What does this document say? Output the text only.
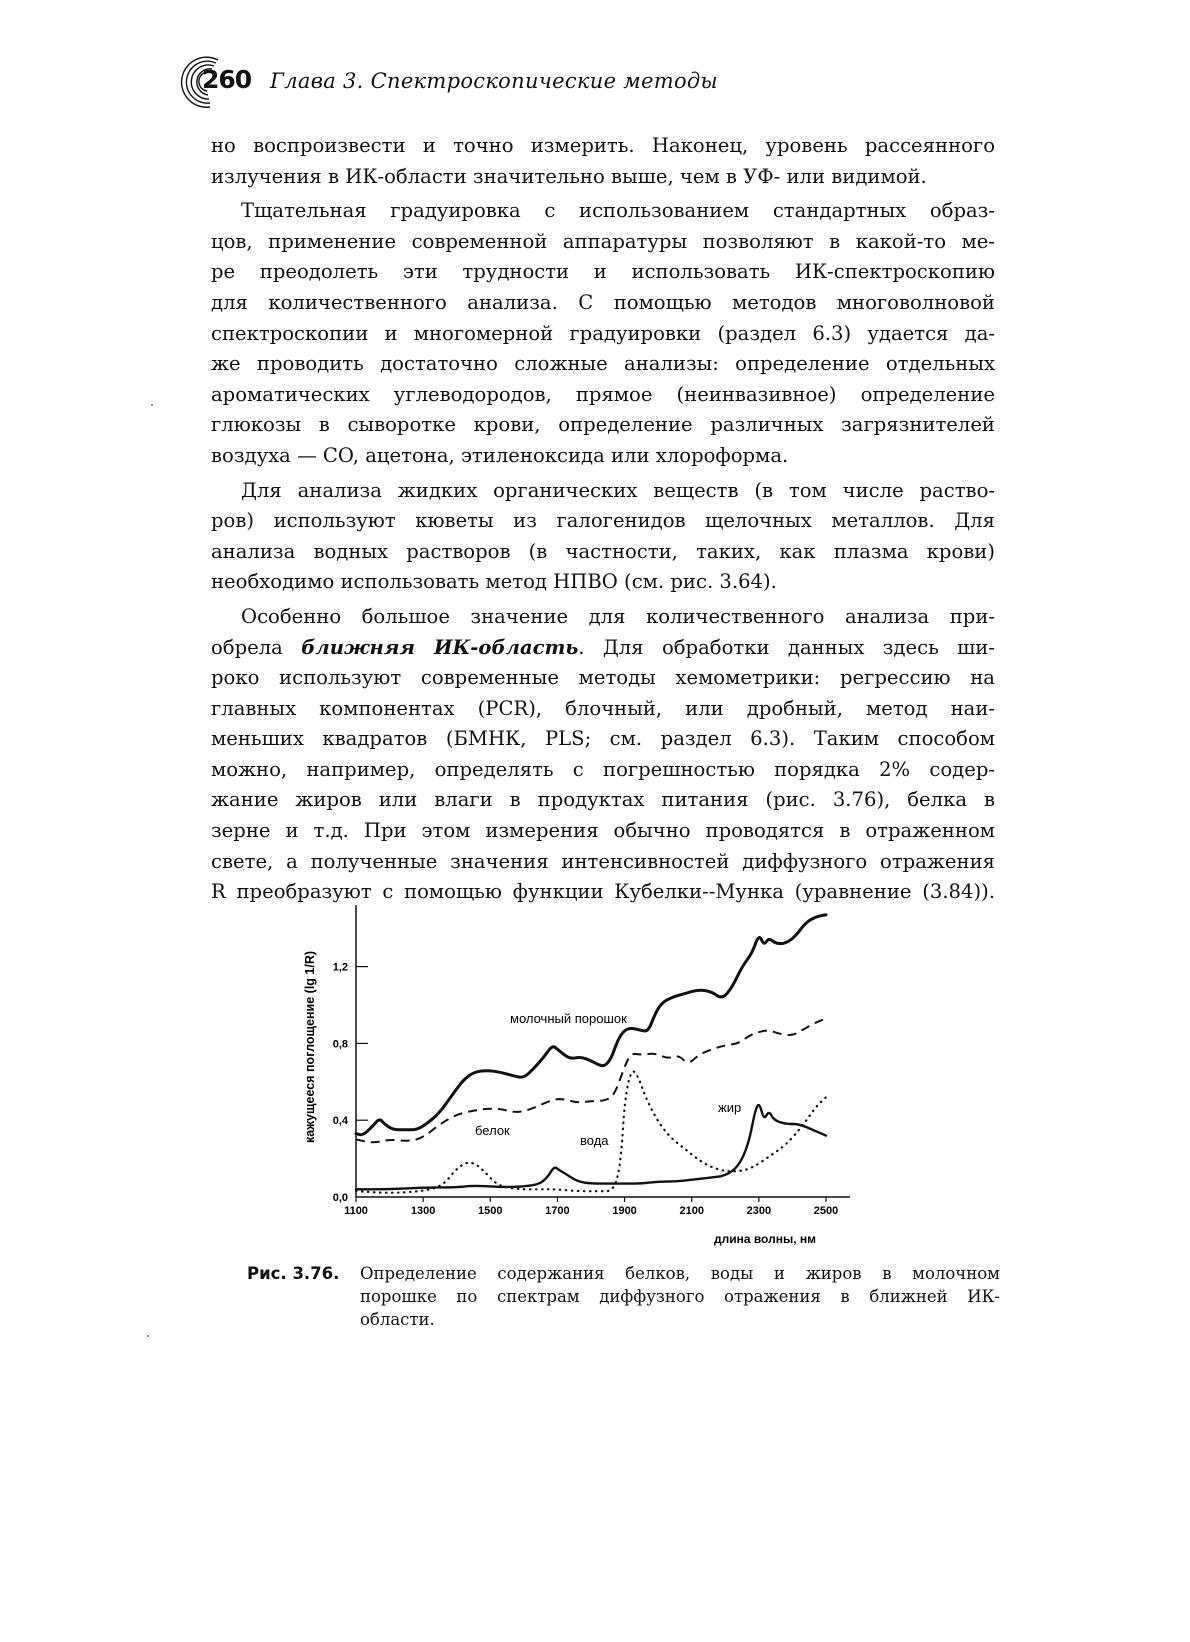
260 Глава 3. Спектроскопические методы

но воспроизвести и точно измерить. Наконец, уровень рассеянного

излучения в ИК-области значительно выше, чем в УФ- или видимой.

Тщательная градуировка с использованием стандартных образ-

цов, применение современной аппаратуры позволяют в какой-то ме-

ре преодолеть эти трудности и использовать ИК-спектроскопию

для количественного анализа. С помощью методов многоволновой

спектроскопии и многомерной градуировки (раздел 6.3) удается да-

же проводить достаточно сложные анализы: определение отдельных

ароматических углеводородов, прямое (неинвазивное) определение

глюкозы в сыворотке крови, определение различных загрязнителей

воздуха — CO, ацетона, этиленоксида или хлороформа.

Для анализа жидких органических веществ (в том числе раство-

ров) используют кюветы из галогенидов щелочных металлов. Для

анализа водных растворов (в частности, таких, как плазма крови)

необходимо использовать метод НПВО (см. рис. 3.64).

Особенно большое значение для количественного анализа при-

обрела ближняя ИК-область. Для обработки данных здесь ши-

роко используют современные методы хемометрики: регрессию на

главных компонентах (PCR), блочный, или дробный, метод наи-

меньших квадратов (БМНК, PLS; см. раздел 6.3). Таким способом

можно, например, определять с погрешностью порядка 2% содер-

жание жиров или влаги в продуктах питания (рис. 3.76), белка в

зерне и т.д. При этом измерения обычно проводятся в отраженном

свете, а полученные значения интенсивностей диффузного отражения

R преобразуют с помощью функции Кубелки--Мунка (уравнение (3.84)).

0,0
0,4
0,8
1,2
1100	1300	1500	1700	1900	2100	2300	2500
длина волны, нм
кажущееся поглощение (lg 1/R)	молочный порошок
белок
вода
жир
Рис. 3.76. Определение содержания белков, воды и жиров в молочном
порошке по спектрам диффузного отражения в ближней ИК-
области.
